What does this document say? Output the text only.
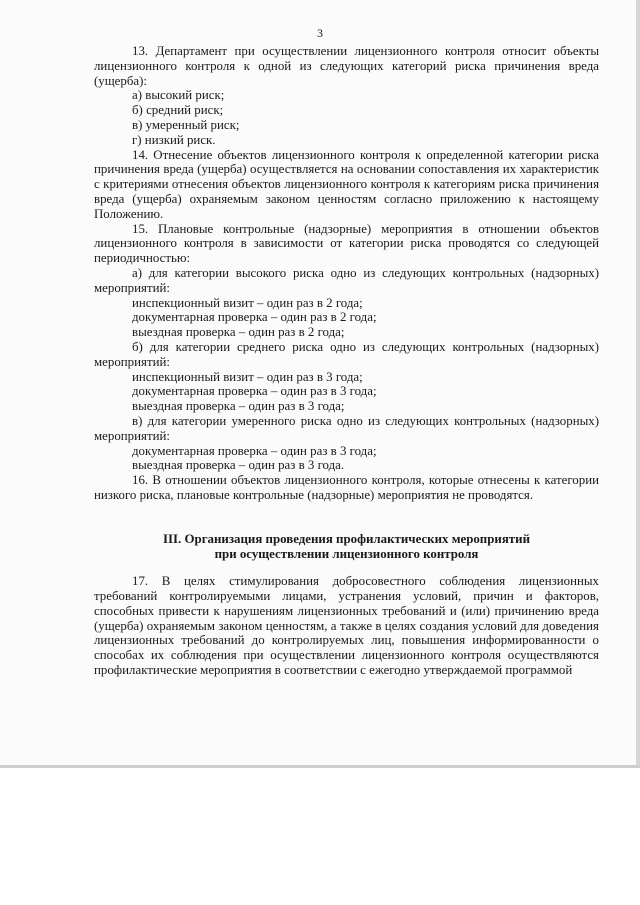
3

13. Департамент при осуществлении лицензионного контроля относит объекты лицензионного контроля к одной из следующих категорий риска причинения вреда (ущерба):

а) высокий риск;

б) средний риск;

в) умеренный риск;

г) низкий риск.

14. Отнесение объектов лицензионного контроля к определенной категории риска причинения вреда (ущерба) осуществляется на основании сопоставления их характеристик с критериями отнесения объектов лицензионного контроля к категориям риска причинения вреда (ущерба) охраняемым законом ценностям согласно приложению к настоящему Положению.

15. Плановые контрольные (надзорные) мероприятия в отношении объектов лицензионного контроля в зависимости от категории риска проводятся со следующей периодичностью:

а) для категории высокого риска одно из следующих контрольных (надзорных) мероприятий:

инспекционный визит – один раз в 2 года;

документарная проверка – один раз в 2 года;

выездная проверка – один раз в 2 года;

б) для категории среднего риска одно из следующих контрольных (надзорных) мероприятий:

инспекционный визит – один раз в 3 года;

документарная проверка – один раз в 3 года;

выездная проверка – один раз в 3 года;

в) для категории умеренного риска одно из следующих контрольных (надзорных) мероприятий:

документарная проверка – один раз в 3 года;

выездная проверка – один раз в 3 года.

16. В отношении объектов лицензионного контроля, которые отнесены к категории низкого риска, плановые контрольные (надзорные) мероприятия не проводятся.

III. Организация проведения профилактических мероприятий
при осуществлении лицензионного контроля

17. В целях стимулирования добросовестного соблюдения лицензионных требований контролируемыми лицами, устранения условий, причин и факторов, способных привести к нарушениям лицензионных требований и (или) причинению вреда (ущерба) охраняемым законом ценностям, а также в целях создания условий для доведения лицензионных требований до контролируемых лиц, повышения информированности о способах их соблюдения при осуществлении лицензионного контроля осуществляются профилактические мероприятия в соответствии с ежегодно утверждаемой программой
